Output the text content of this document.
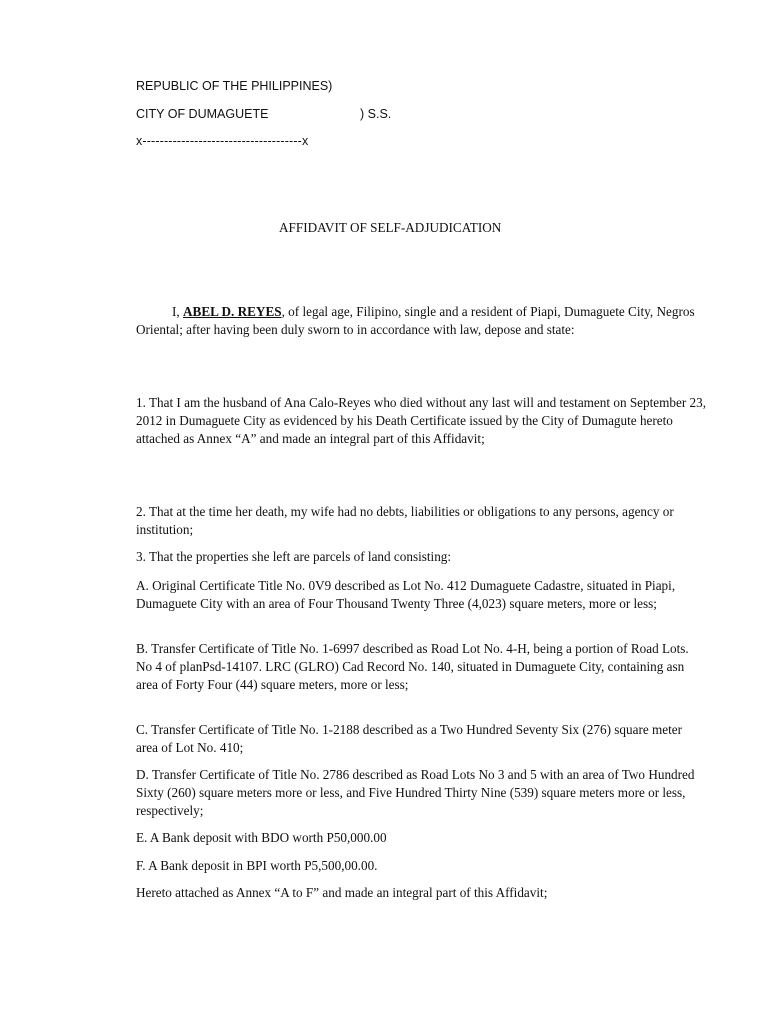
REPUBLIC OF THE PHILIPPINES)
CITY OF DUMAGUETE	) S.S.
x-------------------------------------x
AFFIDAVIT OF SELF-ADJUDICATION

I, ABEL D. REYES, of legal age, Filipino, single and a resident of Piapi, Dumaguete City, Negros Oriental; after having been duly sworn to in accordance with law, depose and state:

1. That I am the husband of Ana Calo-Reyes who died without any last will and testament on September 23, 2012 in Dumaguete City as evidenced by his Death Certificate issued by the City of Dumagute hereto attached as Annex “A” and made an integral part of this Affidavit;

2. That at the time her death, my wife had no debts, liabilities or obligations to any persons, agency or institution;

3. That the properties she left are parcels of land consisting:

A. Original Certificate Title No. 0V9 described as Lot No. 412 Dumaguete Cadastre, situated in Piapi, Dumaguete City with an area of Four Thousand Twenty Three (4,023) square meters, more or less;

B. Transfer Certificate of Title No. 1-6997 described as Road Lot No. 4-H, being a portion of Road Lots. No 4 of planPsd-14107. LRC (GLRO) Cad Record No. 140, situated in Dumaguete City, containing asn area of Forty Four (44) square meters, more or less;

C. Transfer Certificate of Title No. 1-2188 described as a Two Hundred Seventy Six (276) square meter area of Lot No. 410;

D. Transfer Certificate of Title No. 2786 described as Road Lots No 3 and 5 with an area of Two Hundred Sixty (260) square meters more or less, and Five Hundred Thirty Nine (539) square meters more or less, respectively;

E. A Bank deposit with BDO worth P50,000.00

F. A Bank deposit in BPI worth P5,500,00.00.

Hereto attached as Annex “A to F” and made an integral part of this Affidavit;
